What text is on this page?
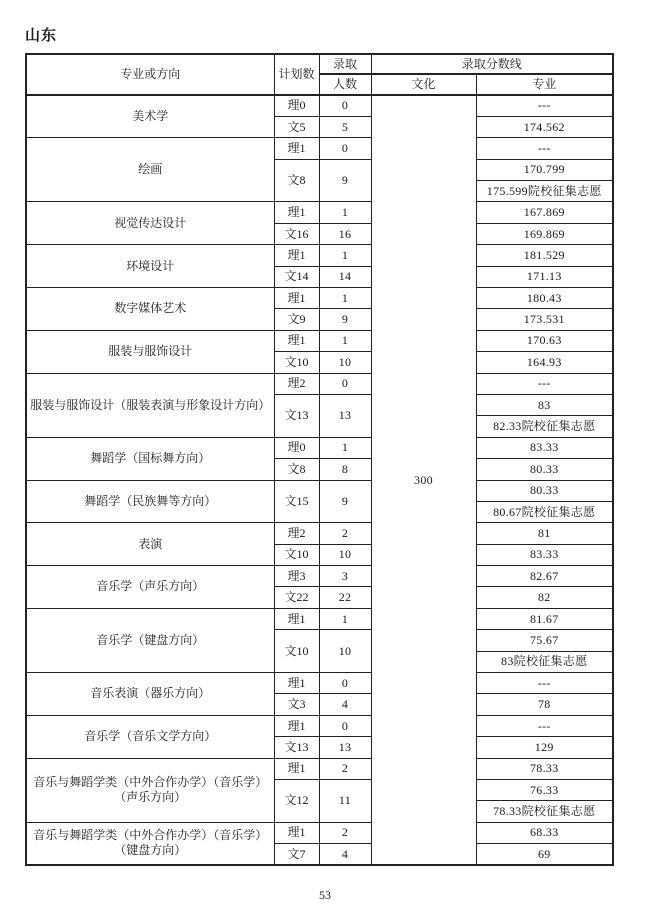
山东
专业或方向	计划数	录取	录取分数线	
		人数	文化	专业
美术学	理0	0	300	---
	文5	5		174.562
绘画	理1	0		---
	文8	9		170.799
				175.599院校征集志愿
视觉传达设计	理1	1		167.869
	文16	16		169.869
环境设计	理1	1		181.529
	文14	14		171.13
数字媒体艺术	理1	1		180.43
	文9	9		173.531
服装与服饰设计	理1	1		170.63
	文10	10		164.93
服装与服饰设计（服装表演与形象设计方向）	理2	0		---
	文13	13		83
				82.33院校征集志愿
舞蹈学（国标舞方向）	理0	1		83.33
	文8	8		80.33
舞蹈学（民族舞等方向）	文15	9		80.33
				80.67院校征集志愿
表演	理2	2		81
	文10	10		83.33
音乐学（声乐方向）	理3	3		82.67
	文22	22		82
音乐学（键盘方向）	理1	1		81.67
	文10	10		75.67
				83院校征集志愿
音乐表演（器乐方向）	理1	0		---
	文3	4		78
音乐学（音乐文学方向）	理1	0		---
	文13	13		129
音乐与舞蹈学类（中外合作办学）（音乐学）（声乐方向）	理1	2		78.33
	文12	11		76.33
				78.33院校征集志愿
音乐与舞蹈学类（中外合作办学）（音乐学）（键盘方向）	理1	2		68.33
	文7	4		69
53
